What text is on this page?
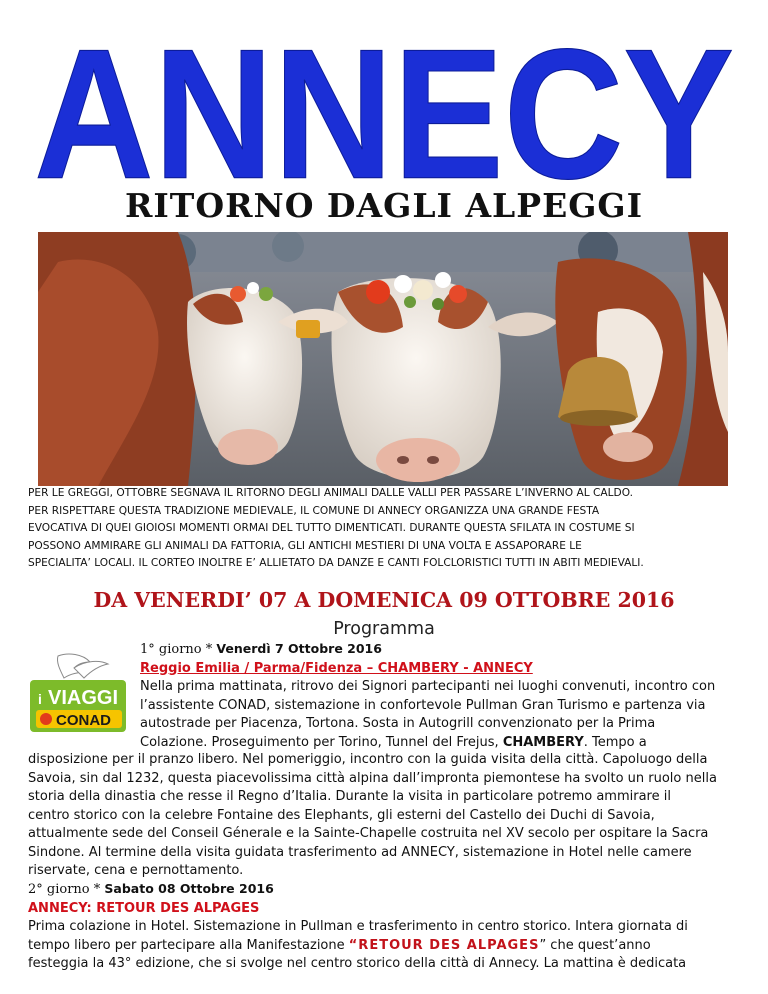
ANNECY
RITORNO DAGLI ALPEGGI
PER LE GREGGI, OTTOBRE SEGNAVA IL RITORNO DEGLI ANIMALI DALLE VALLI PER PASSARE L’INVERNO AL CALDO.
PER RISPETTARE QUESTA TRADIZIONE MEDIEVALE, IL COMUNE DI ANNECY ORGANIZZA UNA GRANDE FESTA
EVOCATIVA DI QUEI GIOIOSI MOMENTI ORMAI DEL TUTTO DIMENTICATI. DURANTE QUESTA SFILATA IN COSTUME SI
POSSONO AMMIRARE GLI ANIMALI DA FATTORIA, GLI ANTICHI MESTIERI DI UNA VOLTA E ASSAPORARE LE
SPECIALITA’ LOCALI. IL CORTEO INOLTRE E’ ALLIETATO DA DANZE E CANTI FOLCLORISTICI TUTTI IN ABITI MEDIEVALI.
DA VENERDI’ 07 A DOMENICA 09 OTTOBRE 2016
Programma
i VIAGGI
CONAD
1° giorno * Venerdì 7 Ottobre 2016
Reggio Emilia / Parma/Fidenza – CHAMBERY - ANNECY
Nella prima mattinata, ritrovo dei Signori partecipanti nei luoghi convenuti, incontro con
l’assistente CONAD, sistemazione in confortevole Pullman Gran Turismo e partenza via
autostrade per Piacenza, Tortona. Sosta in Autogrill convenzionato per la Prima
Colazione. Proseguimento per Torino, Tunnel del Frejus, CHAMBERY. Tempo a
disposizione per il pranzo libero. Nel pomeriggio, incontro con la guida visita della città. Capoluogo della
Savoia, sin dal 1232, questa piacevolissima città alpina dall’impronta piemontese ha svolto un ruolo nella
storia della dinastia che resse il Regno d’Italia. Durante la visita in particolare potremo ammirare il
centro storico con la celebre Fontaine des Elephants, gli esterni del Castello dei Duchi di Savoia,
attualmente sede del Conseil Génerale e la Sainte-Chapelle costruita nel XV secolo per ospitare la Sacra
Sindone. Al termine della visita guidata trasferimento ad ANNECY, sistemazione in Hotel nelle camere
riservate, cena e pernottamento.
2° giorno * Sabato 08 Ottobre 2016
ANNECY: RETOUR DES ALPAGES
Prima colazione in Hotel. Sistemazione in Pullman e trasferimento in centro storico. Intera giornata di
tempo libero per partecipare alla Manifestazione “RETOUR DES ALPAGES” che quest’anno
festeggia la 43° edizione, che si svolge nel centro storico della città di Annecy. La mattina è dedicata
